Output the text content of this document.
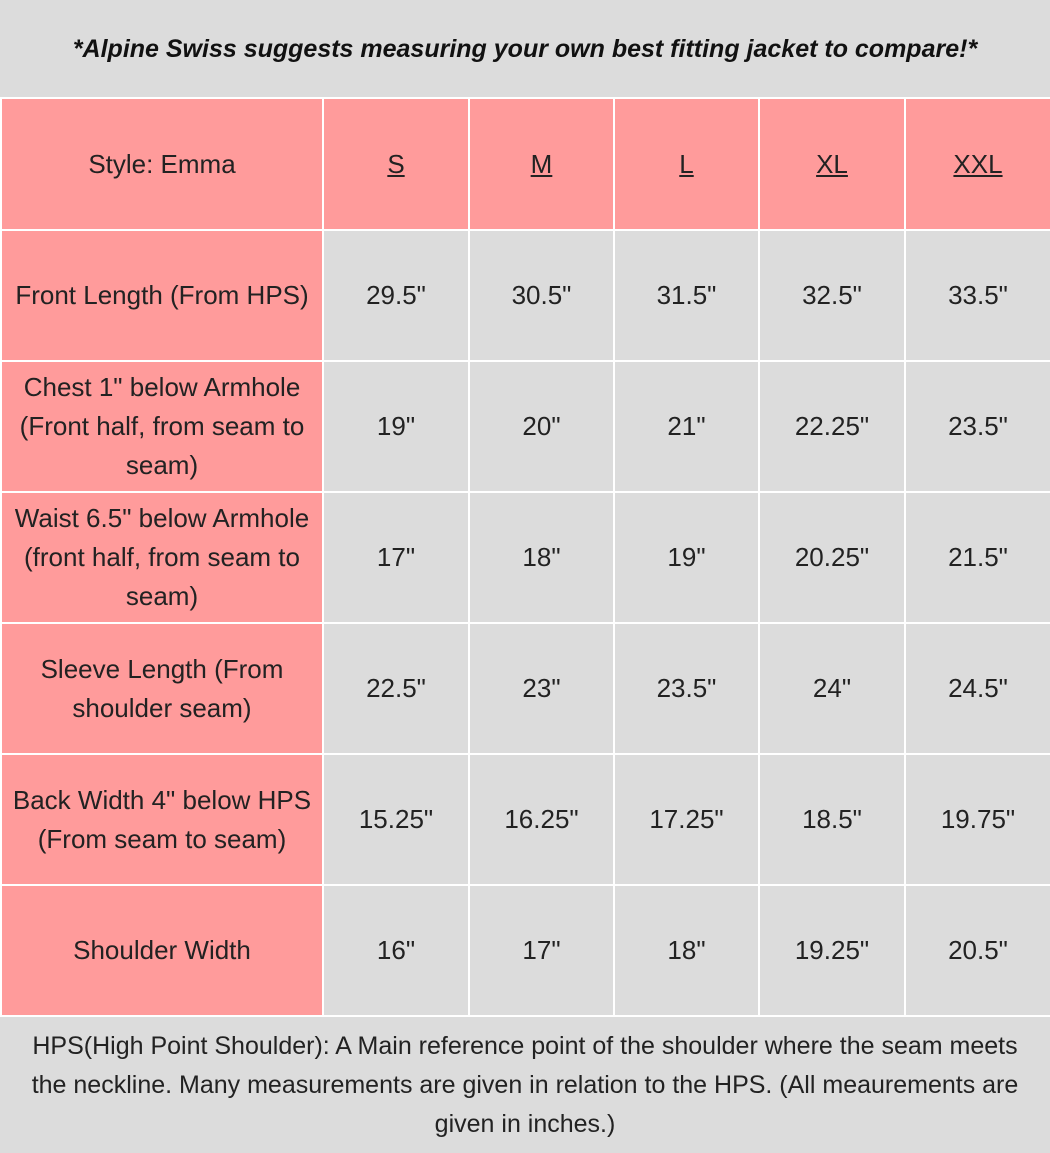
*Alpine Swiss suggests measuring your own best fitting jacket to compare!*
Style: Emma	S	M	L	XL	XXL
Front Length (From HPS)	29.5"	30.5"	31.5"	32.5"	33.5"
Chest 1" below Armhole (Front half, from seam to seam)	19"	20"	21"	22.25"	23.5"
Waist 6.5" below Armhole (front half, from seam to seam)	17"	18"	19"	20.25"	21.5"
Sleeve Length (From shoulder seam)	22.5"	23"	23.5"	24"	24.5"
Back Width 4" below HPS (From seam to seam)	15.25"	16.25"	17.25"	18.5"	19.75"
Shoulder Width	16"	17"	18"	19.25"	20.5"
HPS(High Point Shoulder): A Main reference point of the shoulder where the seam meets the neckline. Many measurements are given in relation to the HPS. (All meaurements are given in inches.)
